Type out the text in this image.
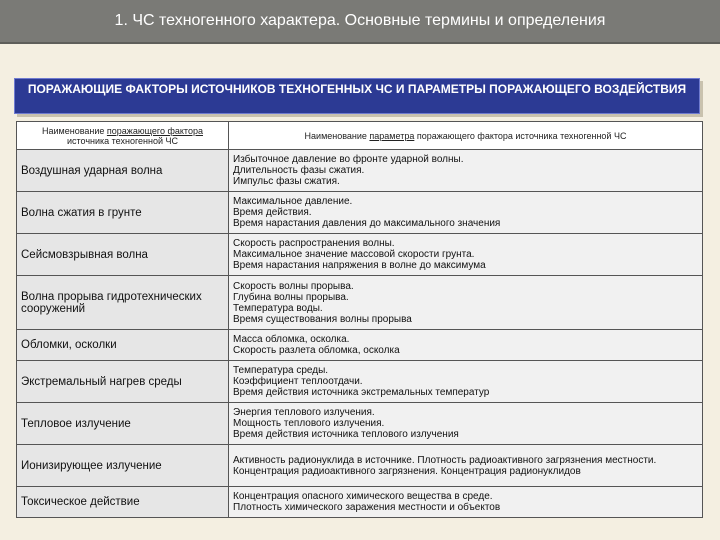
1. ЧС техногенного характера. Основные термины и определения
ПОРАЖАЮЩИЕ ФАКТОРЫ ИСТОЧНИКОВ ТЕХНОГЕННЫХ ЧС И ПАРАМЕТРЫ ПОРАЖАЮЩЕГО ВОЗДЕЙСТВИЯ
Наименование поражающего фактора источника техногенной ЧС	Наименование параметра поражающего фактора источника техногенной ЧС
Воздушная ударная волна	Избыточное давление во фронте ударной волны.
Длительность фазы сжатия.
Импульс фазы сжатия.

Волна сжатия в грунте	Максимальное давление.
Время действия.
Время нарастания давления до максимального значения

Сейсмовзрывная волна	Скорость распространения волны.
Максимальное значение массовой скорости грунта.
Время нарастания напряжения в волне до максимума

Волна прорыва гидротехнических сооружений	Скорость волны прорыва.
Глубина волны прорыва.
Температура воды.
Время существования волны прорыва

Обломки, осколки	Масса обломка, осколка.
Скорость разлета обломка, осколка

Экстремальный нагрев среды	Температура среды.
Коэффициент теплоотдачи.
Время действия источника экстремальных температур

Тепловое излучение	Энергия теплового излучения.
Мощность теплового излучения.
Время действия источника теплового излучения

Ионизирующее излучение	Активность радионуклида в источнике. Плотность радиоактивного загрязнения местности.
Концентрация радиоактивного загрязнения. Концентрация радионуклидов

Токсическое действие	Концентрация опасного химического вещества в среде.
Плотность химического заражения местности и объектов
